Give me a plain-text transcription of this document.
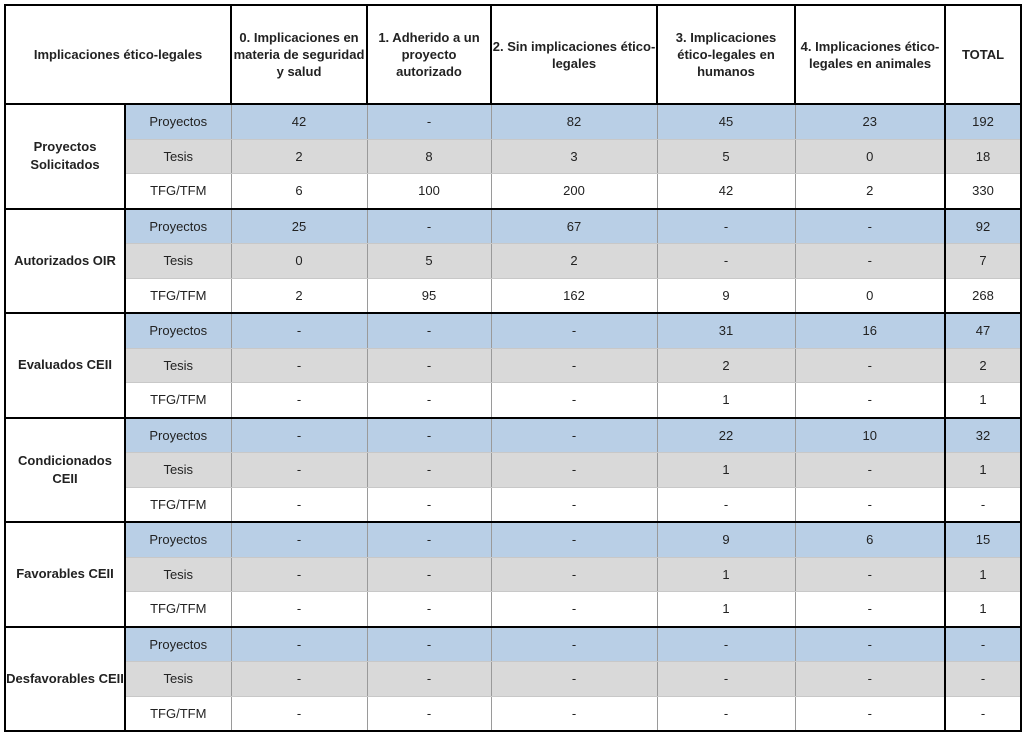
Implicaciones ético-legales		0. Implicaciones en materia de seguridad y salud	1. Adherido a un proyecto autorizado	2. Sin implicaciones ético-legales	3. Implicaciones ético-legales en humanos	4. Implicaciones ético-legales en animales	TOTAL
Proyectos Solicitados	Proyectos	42	-	82	45	23	192
	Tesis	2	8	3	5	0	18
	TFG/TFM	6	100	200	42	2	330
Autorizados OIR	Proyectos	25	-	67	-	-	92
	Tesis	0	5	2	-	-	7
	TFG/TFM	2	95	162	9	0	268
Evaluados CEII	Proyectos	-	-	-	31	16	47
	Tesis	-	-	-	2	-	2
	TFG/TFM	-	-	-	1	-	1
Condicionados CEII	Proyectos	-	-	-	22	10	32
	Tesis	-	-	-	1	-	1
	TFG/TFM	-	-	-	-	-	-
Favorables CEII	Proyectos	-	-	-	9	6	15
	Tesis	-	-	-	1	-	1
	TFG/TFM	-	-	-	1	-	1
Desfavorables CEII	Proyectos	-	-	-	-	-	-
	Tesis	-	-	-	-	-	-
	TFG/TFM	-	-	-	-	-	-
